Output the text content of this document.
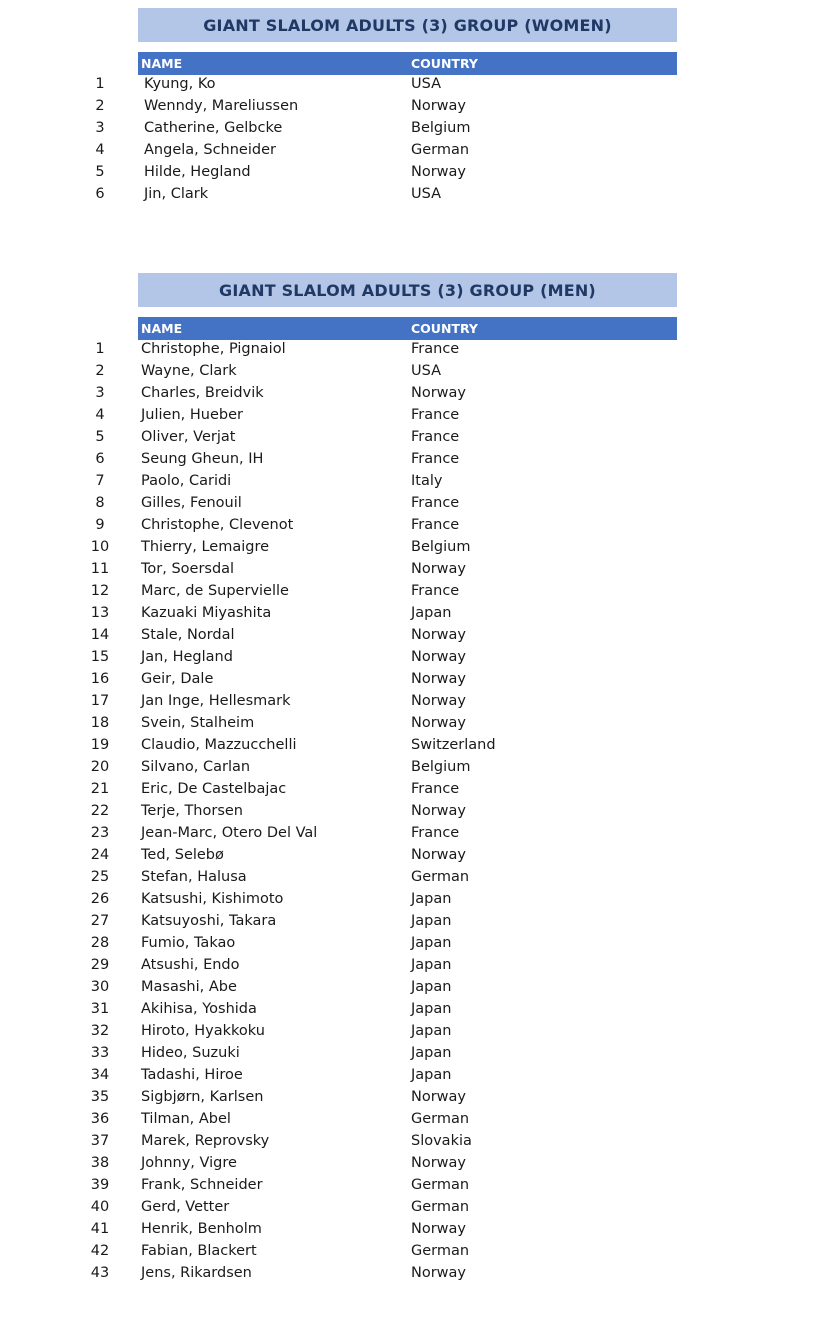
GIANT SLALOM ADULTS (3) GROUP (WOMEN)
NAME	COUNTRY
1	Kyung, Ko	USA
2	Wenndy, Mareliussen	Norway
3	Catherine, Gelbcke	Belgium
4	Angela, Schneider	German
5	Hilde, Hegland	Norway
6	Jin, Clark	USA
GIANT SLALOM ADULTS (3) GROUP (MEN)
NAME	COUNTRY
1	Christophe, Pignaiol	France
2	Wayne, Clark	USA
3	Charles, Breidvik	Norway
4	Julien, Hueber	France
5	Oliver, Verjat	France
6	Seung Gheun, IH	France
7	Paolo, Caridi	Italy
8	Gilles, Fenouil	France
9	Christophe, Clevenot	France
10	Thierry, Lemaigre	Belgium
11	Tor, Soersdal	Norway
12	Marc, de Supervielle	France
13	Kazuaki Miyashita	Japan
14	Stale, Nordal	Norway
15	Jan, Hegland	Norway
16	Geir, Dale	Norway
17	Jan Inge, Hellesmark	Norway
18	Svein, Stalheim	Norway
19	Claudio, Mazzucchelli	Switzerland
20	Silvano, Carlan	Belgium
21	Eric, De Castelbajac	France
22	Terje, Thorsen	Norway
23	Jean-Marc, Otero Del Val	France
24	Ted, Selebø	Norway
25	Stefan, Halusa	German
26	Katsushi, Kishimoto	Japan
27	Katsuyoshi, Takara	Japan
28	Fumio, Takao	Japan
29	Atsushi, Endo	Japan
30	Masashi, Abe	Japan
31	Akihisa, Yoshida	Japan
32	Hiroto, Hyakkoku	Japan
33	Hideo, Suzuki	Japan
34	Tadashi, Hiroe	Japan
35	Sigbjørn, Karlsen	Norway
36	Tilman, Abel	German
37	Marek, Reprovsky	Slovakia
38	Johnny, Vigre	Norway
39	Frank, Schneider	German
40	Gerd, Vetter	German
41	Henrik, Benholm	Norway
42	Fabian, Blackert	German
43	Jens, Rikardsen	Norway
